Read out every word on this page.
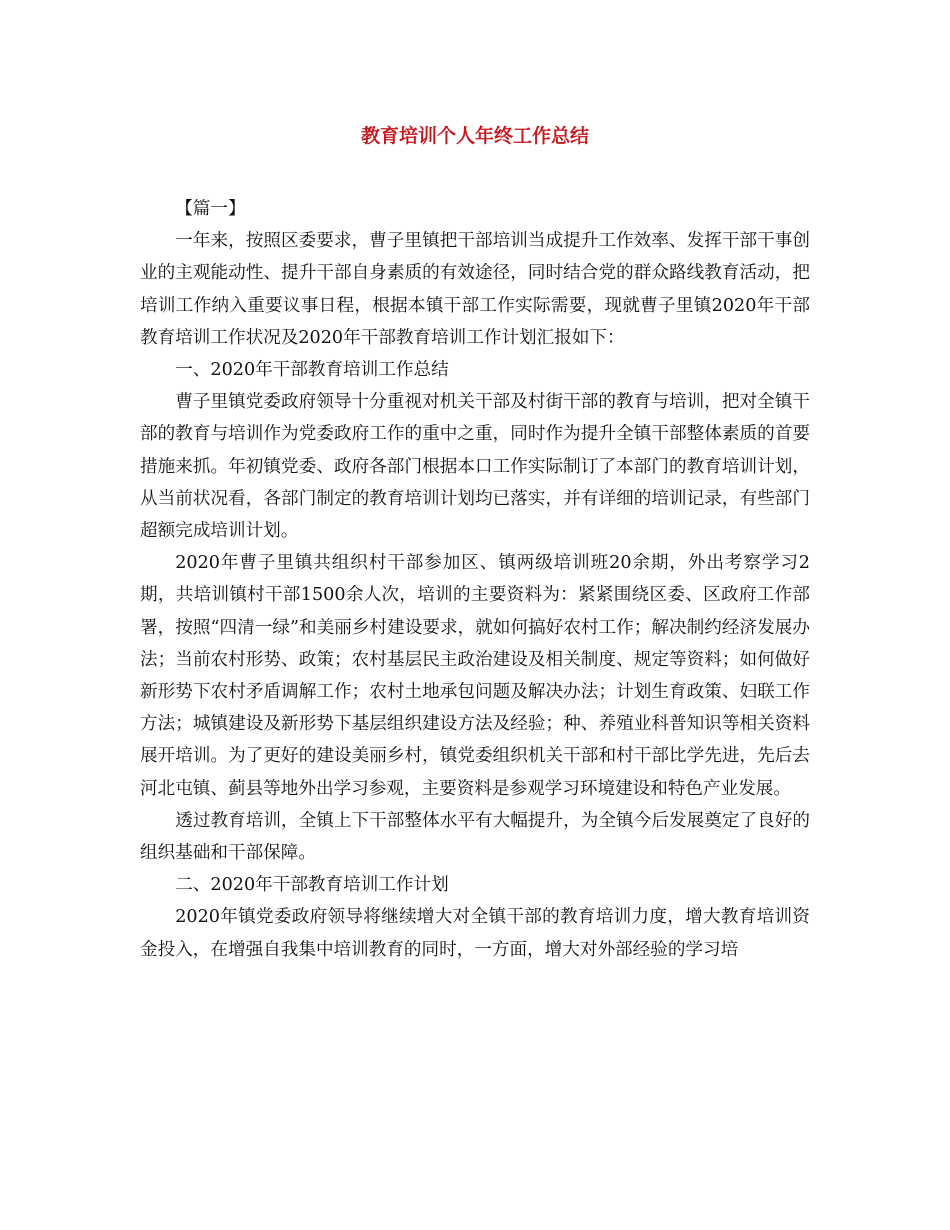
教育培训个人年终工作总结

【篇一】

一年来，按照区委要求，曹子里镇把干部培训当成提升工作效率、发挥干部干事创业的主观能动性、提升干部自身素质的有效途径，同时结合党的群众路线教育活动，把培训工作纳入重要议事日程，根据本镇干部工作实际需要，现就曹子里镇2020年干部教育培训工作状况及2020年干部教育培训工作计划汇报如下：

一、2020年干部教育培训工作总结

曹子里镇党委政府领导十分重视对机关干部及村街干部的教育与培训，把对全镇干部的教育与培训作为党委政府工作的重中之重，同时作为提升全镇干部整体素质的首要措施来抓。年初镇党委、政府各部门根据本口工作实际制订了本部门的教育培训计划，从当前状况看，各部门制定的教育培训计划均已落实，并有详细的培训记录，有些部门超额完成培训计划。

2020年曹子里镇共组织村干部参加区、镇两级培训班20余期，外出考察学习2期，共培训镇村干部1500余人次，培训的主要资料为：紧紧围绕区委、区政府工作部署，按照“四清一绿”和美丽乡村建设要求，就如何搞好农村工作；解决制约经济发展办法；当前农村形势、政策；农村基层民主政治建设及相关制度、规定等资料；如何做好新形势下农村矛盾调解工作；农村土地承包问题及解决办法；计划生育政策、妇联工作方法；城镇建设及新形势下基层组织建设方法及经验；种、养殖业科普知识等相关资料展开培训。为了更好的建设美丽乡村，镇党委组织机关干部和村干部比学先进，先后去河北屯镇、蓟县等地外出学习参观，主要资料是参观学习环境建设和特色产业发展。

透过教育培训，全镇上下干部整体水平有大幅提升，为全镇今后发展奠定了良好的组织基础和干部保障。

二、2020年干部教育培训工作计划

2020年镇党委政府领导将继续增大对全镇干部的教育培训力度，增大教育培训资金投入，在增强自我集中培训教育的同时，一方面，增大对外部经验的学习培
